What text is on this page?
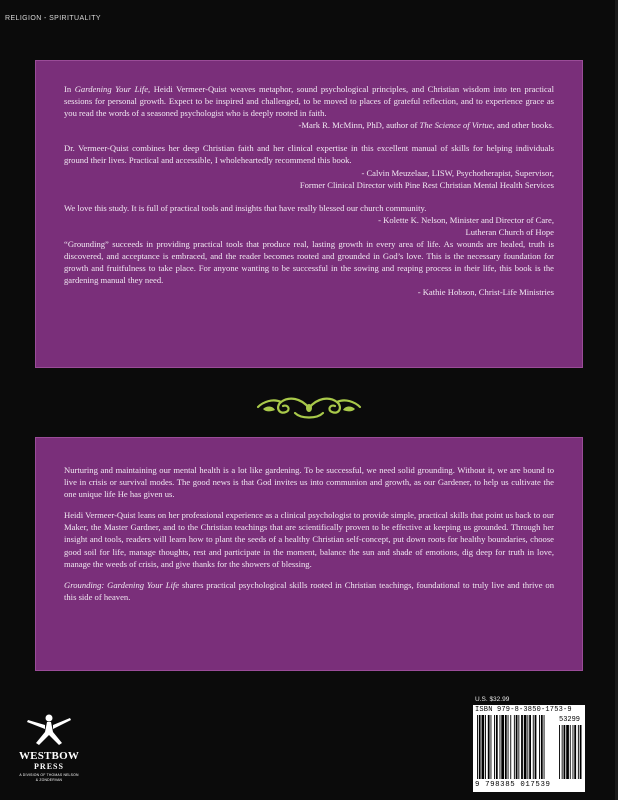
RELIGION - SPIRITUALITY

In Gardening Your Life, Heidi Vermeer-Quist weaves metaphor, sound psychological principles, and Christian wisdom into ten practical sessions for personal growth. Expect to be inspired and challenged, to be moved to places of grateful reflection, and to experience grace as you read the words of a seasoned psychologist who is deeply rooted in faith.

-Mark R. McMinn, PhD, author of The Science of Virtue, and other books.

Dr. Vermeer-Quist combines her deep Christian faith and her clinical expertise in this excellent manual of skills for helping individuals ground their lives. Practical and accessible, I wholeheartedly recommend this book.

- Calvin Meuzelaar, LISW, Psychotherapist, Supervisor,
Former Clinical Director with Pine Rest Christian Mental Health Services

We love this study. It is full of practical tools and insights that have really blessed our church community.

- Kolette K. Nelson, Minister and Director of Care,
Lutheran Church of Hope

“Grounding” succeeds in providing practical tools that produce real, lasting growth in every area of life. As wounds are healed, truth is discovered, and acceptance is embraced, and the reader becomes rooted and grounded in God’s love. This is the necessary foundation for growth and fruitfulness to take place. For anyone wanting to be successful in the sowing and reaping process in their life, this book is the gardening manual they need.

- Kathie Hobson, Christ-Life Ministries

Nurturing and maintaining our mental health is a lot like gardening. To be successful, we need solid grounding. Without it, we are bound to live in crisis or survival modes. The good news is that God invites us into communion and growth, as our Gardener, to help us cultivate the one unique life He has given us.

Heidi Vermeer-Quist leans on her professional experience as a clinical psychologist to provide simple, practical skills that point us back to our Maker, the Master Gardner, and to the Christian teachings that are scientifically proven to be effective at keeping us grounded. Through her insight and tools, readers will learn how to plant the seeds of a healthy Christian self-concept, put down roots for healthy boundaries, choose good soil for life, manage thoughts, rest and participate in the moment, balance the sun and shade of emotions, dig deep for truth in love, manage the weeds of crisis, and give thanks for the showers of blessing.

Grounding: Gardening Your Life shares practical psychological skills rooted in Christian teachings, foundational to truly live and thrive on this side of heaven.

WESTBOW
PRESS
A DIVISION OF THOMAS NELSON
& ZONDERVAN
U.S. $32.99
ISBN 979-8-3850-1753-9
53299
9 798385 017539
